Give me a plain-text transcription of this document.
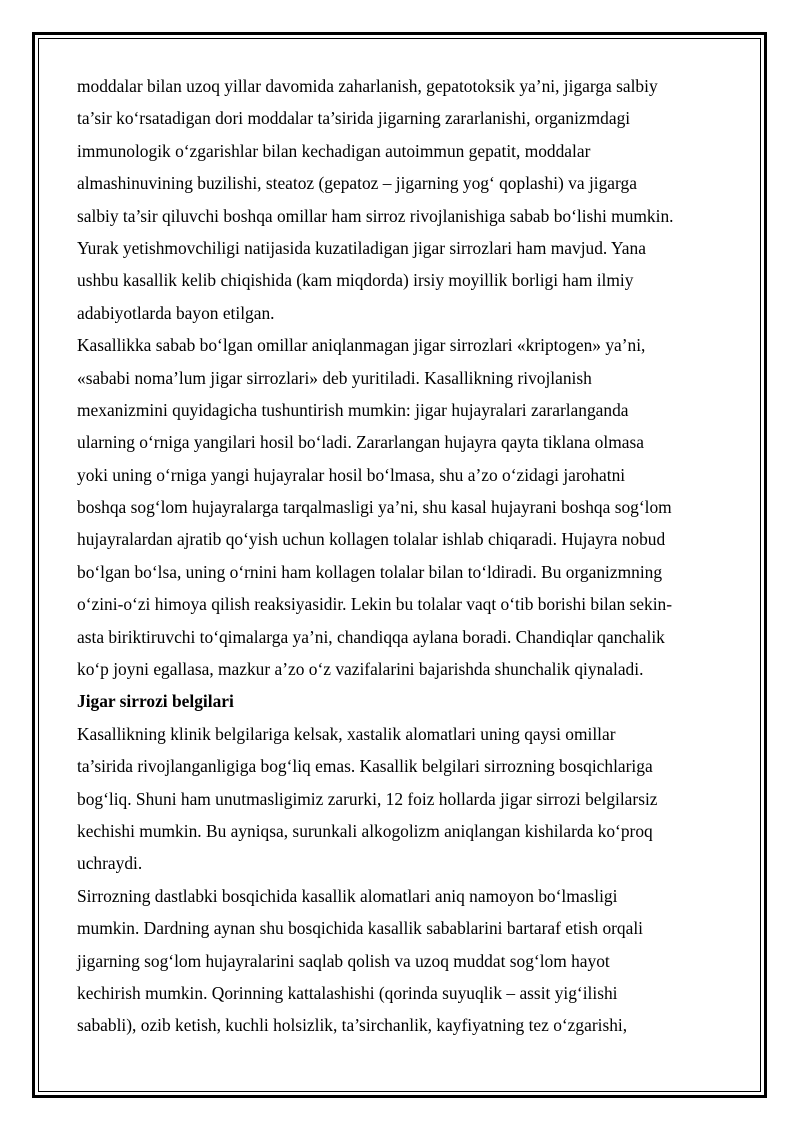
moddalar bilan uzoq yillar davomida zaharlanish, gepatotoksik ya’ni, jigarga salbiy
ta’sir ko‘rsatadigan dori moddalar ta’sirida jigarning zararlanishi, organizmdagi
immunologik o‘zgarishlar bilan kechadigan autoimmun gepatit, moddalar
almashinuvining buzilishi, steatoz (gepatoz – jigarning yog‘ qoplashi) va jigarga
salbiy ta’sir qiluvchi boshqa omillar ham sirroz rivojlanishiga sabab bo‘lishi mumkin.
Yurak yetishmovchiligi natijasida kuzatiladigan jigar sirrozlari ham mavjud. Yana
ushbu kasallik kelib chiqishida (kam miqdorda) irsiy moyillik borligi ham ilmiy
adabiyotlarda bayon etilgan.
Kasallikka sabab bo‘lgan omillar aniqlanmagan jigar sirrozlari «kriptogen» ya’ni,
«sababi noma’lum jigar sirrozlari» deb yuritiladi. Kasallikning rivojlanish
mexanizmini quyidagicha tushuntirish mumkin: jigar hujayralari zararlanganda
ularning o‘rniga yangilari hosil bo‘ladi. Zararlangan hujayra qayta tiklana olmasa
yoki uning o‘rniga yangi hujayralar hosil bo‘lmasa, shu a’zo o‘zidagi jarohatni
boshqa sog‘lom hujayralarga tarqalmasligi ya’ni, shu kasal hujayrani boshqa sog‘lom
hujayralardan ajratib qo‘yish uchun kollagen tolalar ishlab chiqaradi. Hujayra nobud
bo‘lgan bo‘lsa, uning o‘rnini ham kollagen tolalar bilan to‘ldiradi. Bu organizmning
o‘zini-o‘zi himoya qilish reaksiyasidir. Lekin bu tolalar vaqt o‘tib borishi bilan sekin-
asta biriktiruvchi to‘qimalarga ya’ni, chandiqqa aylana boradi. Chandiqlar qanchalik
ko‘p joyni egallasa, mazkur a’zo o‘z vazifalarini bajarishda shunchalik qiynaladi.
Jigar sirrozi belgilari
Kasallikning klinik belgilariga kelsak, xastalik alomatlari uning qaysi omillar
ta’sirida rivojlanganligiga bog‘liq emas. Kasallik belgilari sirrozning bosqichlariga
bog‘liq. Shuni ham unutmasligimiz zarurki, 12 foiz hollarda jigar sirrozi belgilarsiz
kechishi mumkin. Bu ayniqsa, surunkali alkogolizm aniqlangan kishilarda ko‘proq
uchraydi.
Sirrozning dastlabki bosqichida kasallik alomatlari aniq namoyon bo‘lmasligi
mumkin. Dardning aynan shu bosqichida kasallik sabablarini bartaraf etish orqali
jigarning sog‘lom hujayralarini saqlab qolish va uzoq muddat sog‘lom hayot
kechirish mumkin. Qorinning kattalashishi (qorinda suyuqlik – assit yig‘ilishi
sababli), ozib ketish, kuchli holsizlik, ta’sirchanlik, kayfiyatning tez o‘zgarishi,
